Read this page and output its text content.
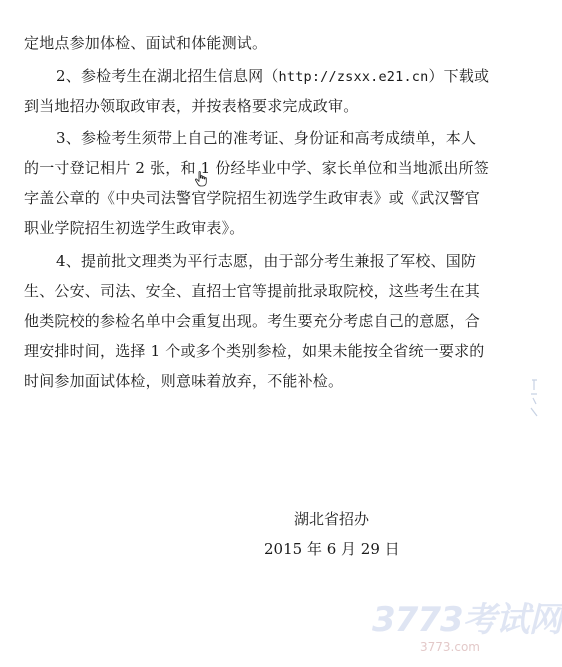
定地点参加体检、面试和体能测试。
2、参检考生在湖北招生信息网（http://zsxx.e21.cn）下载或
到当地招办领取政审表，并按表格要求完成政审。
3、参检考生须带上自己的准考证、身份证和高考成绩单，本人
的一寸登记相片 2 张，和 1 份经毕业中学、家长单位和当地派出所签
字盖公章的《中央司法警官学院招生初选学生政审表》或《武汉警官
职业学院招生初选学生政审表》。
4、提前批文理类为平行志愿，由于部分考生兼报了军校、国防
生、公安、司法、安全、直招士官等提前批录取院校，这些考生在其
他类院校的参检名单中会重复出现。考生要充分考虑自己的意愿，合
理安排时间，选择 1 个或多个类别参检，如果未能按全省统一要求的
时间参加面试体检，则意味着放弃，不能补检。
湖北省招办
2015 年 6 月 29 日
3773考试网
3773.com
